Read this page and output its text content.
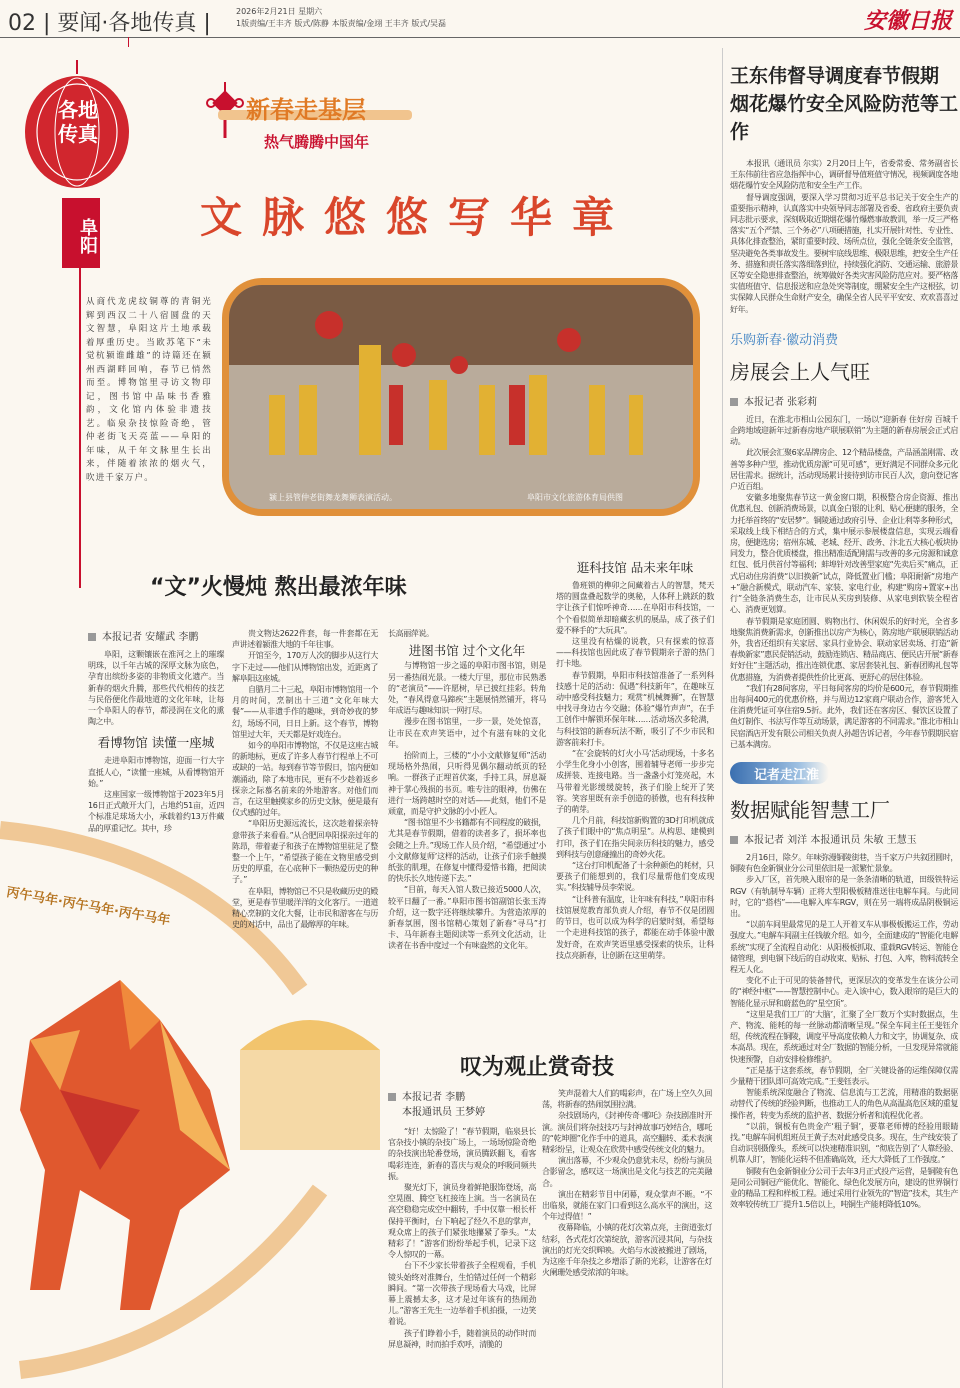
02 | 要闻·各地传真 |	2026年2月21日 星期六
1版责编/王丰齐 版式/陈静 本版责编/金翊 王丰齐 版式/吴磊	安徽日报
各地传真
阜阳
新春走基层
热气腾腾中国年
文脉悠悠写华章

从商代龙虎纹铜尊的青铜光辉到西汉二十八宿圆盘的天文智慧，阜阳这片土地承载着厚重历史。当欧苏笔下“未觉杭颍谁雌雄”的诗篇还在颍州西湖畔回响，春节已悄然而至。博物馆里寻访文物印记，图书馆中品味书香雅韵，文化馆内体验非遗技艺。临泉杂技惊险奇绝，管仲老街飞天亮蓝——阜阳的年味，从千年文脉里生长出来，伴随着浓浓的烟火气，吹进千家万户。

颍上县管仲老街舞龙舞狮表演活动。	阜阳市文化旅游体育局供图
丙午马年·丙午马年·丙午马年
“文”火慢炖 熬出最浓年味
本报记者 安耀武 李鹏

阜阳，这颗镶嵌在淮河之上的璀璨明珠，以千年古城的深厚文脉为底色，孕育出缤纷多姿的非物质文化遗产。当新春的烟火升腾，那些代代相传的技艺与民俗便化作最地道的文化年味，让每一个阜阳人的春节，都浸润在文化的熏陶之中。

看博物馆 读懂一座城

走进阜阳市博物馆，迎面一行大字直抵人心，“读懂一座城，从看博物馆开始。”

这座国家一级博物馆于2023年5月16日正式敞开大门，占地约51亩，近四个标准足球场大小，承载着约13万件藏品的厚重记忆。其中，珍

贵文物达2622件套，每一件套都在无声讲述着颍淮大地的千年往事。

开馆至今，170万人次的脚步从这行大字下走过——他们从博物馆出发，近距离了解阜阳这座城。

自腊月二十三起，阜阳市博物馆用一个月的时间，烹制出十三道“文化年味大餐”——从非遗手作的趣味，到奇妙夜的梦幻，场场不同，日日上新。这个春节，博物馆里过大年，天天都是好戏连台。

如今的阜阳市博物馆，不仅是这座古城的新地标，更成了许多人春节行程单上不可或缺的一站。每到春节等节假日，馆内便如潮涌动，除了本地市民，更有不少趁着返乡探亲之际慕名前来的外地游客。对他们而言，在这里触摸家乡的历史文脉，便是最有仪式感的过年。

“阜阳历史源远流长，这次趁着探亲特意带孩子来看看。”从合肥回阜阳探亲过年的陈昂，带着妻子和孩子在博物馆里驻足了整整一个上午，“希望孩子能在文物里感受到历史的厚重，在心底种下一颗热爱历史的种子。”

在阜阳，博物馆已不只是收藏历史的殿堂，更是春节里暖洋洋的文化客厅。一道道精心烹制的文化大餐，让市民和游客在与历史的对话中，品出了最醇厚的年味。

长高丽萍说。

进图书馆 过个文化年

与博物馆一步之遥的阜阳市图书馆，则是另一番热闹光景。一楼大厅里，那位市民熟悉的“老演员”——许愿树，早已披红挂彩。转角处，“春风得意马蹄疾”主题展悄然铺开，将马年成语与趣味知识一网打尽。

漫步在图书馆里，一步一景，处处惊喜，让市民在欢声笑语中，过个有滋有味的文化年。

抬阶而上，三楼的“小小文献修复师”活动现场格外热闹，只听得见偶尔翻动纸页的轻响。一群孩子正埋首伏案，手持工具，屏息凝神于掌心残损的书页。唯专注的眼神，仿佛在进行一场跨越时空的对话——此刻，他们不是顽童，而是守护文脉的小小匠人。

“图书馆里不少书籍都有不同程度的破损，尤其是春节假期，借着的读者多了，损坏率也会随之上升。”现场工作人员介绍，“希望通过‘小小文献修复师’这样的活动，让孩子们亲手触摸纸张的肌理，在修复中懂得爱惜书籍，把阅读的快乐长久地传递下去。”

“目前，每天入馆人数已接近5000人次，较平日翻了一番。”阜阳市图书馆副馆长张玉涛介绍，这一数字还将继续攀升。为营造浓厚的新春氛围，图书馆精心策划了新春“寻马”打卡、马年新春主题阅读等一系列文化活动，让读者在书香中度过一个有味盎然的文化年。

逛科技馆 品未来年味

鲁班锁的榫卯之间藏着古人的智慧，梵天塔的圆盘叠起数学的奥秘，人体秤上跳跃的数字让孩子们惊呼神奇……在阜阳市科技馆，一个个看似简单却暗藏玄机的展品，成了孩子们爱不释手的“大玩具”。

这里没有枯燥的说教，只有探索的惊喜——科技馆也因此成了春节假期亲子游的热门打卡地。

春节假期，阜阳市科技馆准备了一系列科技感十足的活动：侃遇“科技新年”，在趣味互动中感受科技魅力；观赏“机械舞狮”，在智慧中找寻身边古今交融；体验“爆竹声声”，在手工创作中解锁环保年味……活动场次多轮满，与科技馆的新春玩法不断，吸引了不少市民和游客前来打卡。

“在‘会旋转的灯火小马’活动现场，十多名小学生化身小小创客，围着辅导老师一步步完成拼装、连接电路。当一盏盏小灯笼亮起，木马带着光影缓缓旋转，孩子们脸上绽开了笑容。笑容里既有亲手创造的骄傲，也有科技种子的萌芽。

几个月前，科技馆新购置的3D打印机就成了孩子们眼中的“焦点明星”。从构思、建模到打印，孩子们在指尖间亲历科技的魅力，感受到科技与创意碰撞出的奇妙火花。

“这台打印机配备了十余种颜色的耗材，只要孩子们能想到的，我们尽量帮他们变成现实。”科技辅导员李荣说。

“让科普有温度，让年味有科技，”阜阳市科技馆展览教育部负责人介绍，春节不仅是团圆的节日，也可以成为科学的启蒙时刻，希望每一个走进科技馆的孩子，都能在动手体验中激发好奇，在欢声笑语里感受探索的快乐，让科技点亮新春，让创新在这里萌芽。

叹为观止赏奇技
本报记者 李鹏
本报通讯员 王梦婷

“好！太惊险了！”春节假期，临泉县长官杂技小镇的杂技广场上，一场场惊险奇绝的杂技演出轮番登场，演员腾跃翻飞，看客喝彩连连，新春的喜庆与观众的呼吸同频共振。

聚光灯下，演员身着鲜艳服饰登场，高空晃圈、腾空飞杠接连上演。当一名演员在高空稳稳完成空中翻转，手中仅靠一根长杆保持平衡时，台下响起了经久不息的掌声，观众席上的孩子们紧张地攥紧了拳头。“太精彩了！”游客们纷纷举起手机，记录下这令人惊叹的一幕。

台下不少家长带着孩子全程观看，手机镜头始终对准舞台，生怕错过任何一个精彩瞬间。“第一次带孩子现场看大马戏，比屏幕上震撼太多，这才是过年该有的热闹劲儿。”游客王先生一边举着手机拍摄，一边笑着说。

孩子们睁着小手，随着演员的动作时而屏息凝神，时而拍手欢呼，清脆的

笑声混着大人们的喝彩声，在广场上空久久回荡，将新春的热闹氛围拉满。

杂技剧场内，《封神传奇·哪吒》杂技剧准时开演。演员们将杂技技巧与封神故事巧妙结合，哪吒的“乾坤圈”化作手中的道具，高空翻转、柔术表演精彩纷呈，让观众在欣赏中感受传统文化的魅力。

演出落幕，不少观众仍意犹未尽，纷纷与演员合影留念，感叹这一场演出是文化与技艺的完美融合。

演出在精彩节目中闭幕，观众掌声不断。“不出临泉，就能在家门口看到这么高水平的演出，这个年过得值！”

夜幕降临，小镇的花灯次第点亮，主街道张灯结彩，各式花灯次第绽放，游客沉浸其间，与杂技演出的灯光交织辉映。火焰与水波被搬进了剧场，为这座千年杂技之乡增添了新的光彩，让游客在灯火阑珊处感受浓浓的年味。

王东伟督导调度春节假期
烟花爆竹安全风险防范等工作

本报讯（通讯员 尔实）2月20日上午，省委常委、常务副省长王东伟前往省应急指挥中心，调研督导值班值守情况，视频调度各地烟花爆竹安全风险防范和安全生产工作。

督导调度强调，要深入学习贯彻习近平总书记关于安全生产的重要指示精神，认真落实中央领导同志部署及省委、省政府主要负责同志批示要求，深刻吸取近期烟花爆竹爆燃事故教训，举一反三严格落实“五个严禁、三个务必”八项硬措施，扎实开展针对性、专业性、具体化排查整治，紧盯重要时段、场所点位，强化全链条安全监管，坚决避免各类事故发生。要树牢底线思维、极限思维，把安全生产任务、措施和责任落实落细落到位，持续强化消防、交通运输、旅游景区等安全隐患排查整治，统筹做好各类灾害风险防范应对。要严格落实值班值守、信息报送和应急处突等制度，绷紧安全生产这根弦，切实保障人民群众生命财产安全，确保全省人民平平安安、欢欢喜喜过好年。

乐购新春·徽动消费
房展会上人气旺
本报记者 张彩莉

近日，在淮北市相山公园东门，一场以“迎新春 住好房 百城千企跨地域迎新年过新春房地产联展联销”为主题的新春房展会正式启动。

此次展会汇聚6家品牌房企、12个精品楼盘，产品涵盖刚需、改善等多种户型，推动优质房源“可见可感”，更好满足不同群众多元化居住需求。据统计，活动现场累计接待到访市民百人次，意向登记客户近百组。

安徽多地聚焦春节这一黄金窗口期，积极整合房企资源、推出优惠礼包、创新消费场景，以真金白银的让利、贴心便捷的服务，全力托举首终的“安居梦”。铜陵通过政府引导、企业让利等多种形式，采取线上线下相结合的方式，集中展示参展楼盘信息，实现云端看房，便捷选房；宿州东城、老城、经开、政务、汴北五大核心板块协同发力，整合优质楼盘，推出精准适配刚需与改善的多元房源和诚意红包、低月供首付等福利；蚌埠针对改善型家庭“先卖后买”痛点，正式启动住房消费“以旧换新”试点，降低置业门槛；阜阳耐新“房地产+”融合新模式，联动汽车、家装、家电行业，构建“购房+置家+出行”全链条消费生态，让市民从买房到装修、从家电到软装全程省心、消费更划算。

春节假期是家庭团圆、购物出行、休闲娱乐的好时光，全省多地聚焦消费新需求，创新推出以房产为核心，陈房地产联展联销活动外，我省还组织有关家居、家具行业协会、联动家居卖场、打造“新春焕新家”惠民促销活动，鼓励连锁店、精品商店、便民店开展“新春好好住”主题活动，推出连锁优惠、家居套装礼包、新春团购礼包等优惠措施，为消费者提供性价比更高、更舒心的居住体验。

“我们有28间客房，平日每间客房的均价是600元，春节假期推出每间400元的优惠价格，并与周边12家商户联动合作，游客凭入住消费凭证可享住宿9.5折。此外，我们还在客房区、餐饮区设置了鱼灯制作、书法写作等互动场景，满足游客的不同需求。”淮北市相山民宿酒店开发有限公司相关负责人孙超告诉记者，今年春节假期民宿已基本满房。

记者走江淮
数据赋能智慧工厂
本报记者 刘洋 本报通讯员 朱敏 王慧玉

2月16日，除夕。年味弥漫铜陵街巷，当千家万户共叙团圆时，铜陵有色金新铜业分公司里依旧是一派繁忙景象。

步入厂区，首先映入眼帘的是一条条清晰的轨道，田级铁特运 RGV（有轨制导车辆）正将大型阳极板精准送往电解车间。与此同时，它的“搭档”——电解入库车RGV，则在另一端将成品阴极铜运出。

“以前车间里最常见的是工人开着叉车从事极板搬运工作，劳动强度大。”电解车间副主任钱敏介绍。如今，全面建成的“智能化电解系统”实现了全流程自动化：从阳极板抓取、重载RGV转运、智能仓储管理，到电铜下线后的自动收束、贴标、打包、入库，物料流转全程无人化。

变化不止于可见的装备替代，更深层次的变革发生在该分公司的“神经中枢”——智慧控制中心。走入该中心，数入眼帘的是巨大的智能化显示屏和蔚蓝色的“星空顶”。

“这里是我们工厂的‘大脑’，汇聚了全厂数万个实时数据点，生产、物流、能耗的每一丝脉动都清晰呈现。”保全车间主任王斐钰介绍，传统流程在铜陵，调度平导高度依赖人力和文字，协调复杂、成本高昂。现在，系统通过对全厂数据的智能分析，一旦发现异常就能快速预警，自动安排检修维护。

“正是基于这套系统，春节假期，全厂关键设备的运维保障仅需少量精干团队即可高效完成。”王斐钰表示。

智能系统深度融合了物流、信息流与工艺流，用精准的数据驱动替代了传统的经验判断，也推动工人的角色从高温高危区域的重复操作者，转变为系统的监护者、数据分析者和流程优化者。

“以前，铜板有色贵金产‘粗子铜’，要靠老师傅的经验用眼睛找。”电解车间机组班员王黄子杰对此感受良多。现在，生产线安装了自动识别摄像头，系统可以快速精准识别，“彻底告别了‘人靠经验、机靠人盯’，智能化运转不但准确高效，还大大降低了工作强度。”

铜陵有色金新铜业分公司于去年3月正式投产运营，是铜陵有色是同公司铜冠产能优化、智能化、绿色化发展方向，建设的世界铜行业的精品工程和样板工程。通过采用行业领先的“智造”技术，其生产效率较传统工厂提升1.5倍以上，吨铜生产能耗降低10%。
